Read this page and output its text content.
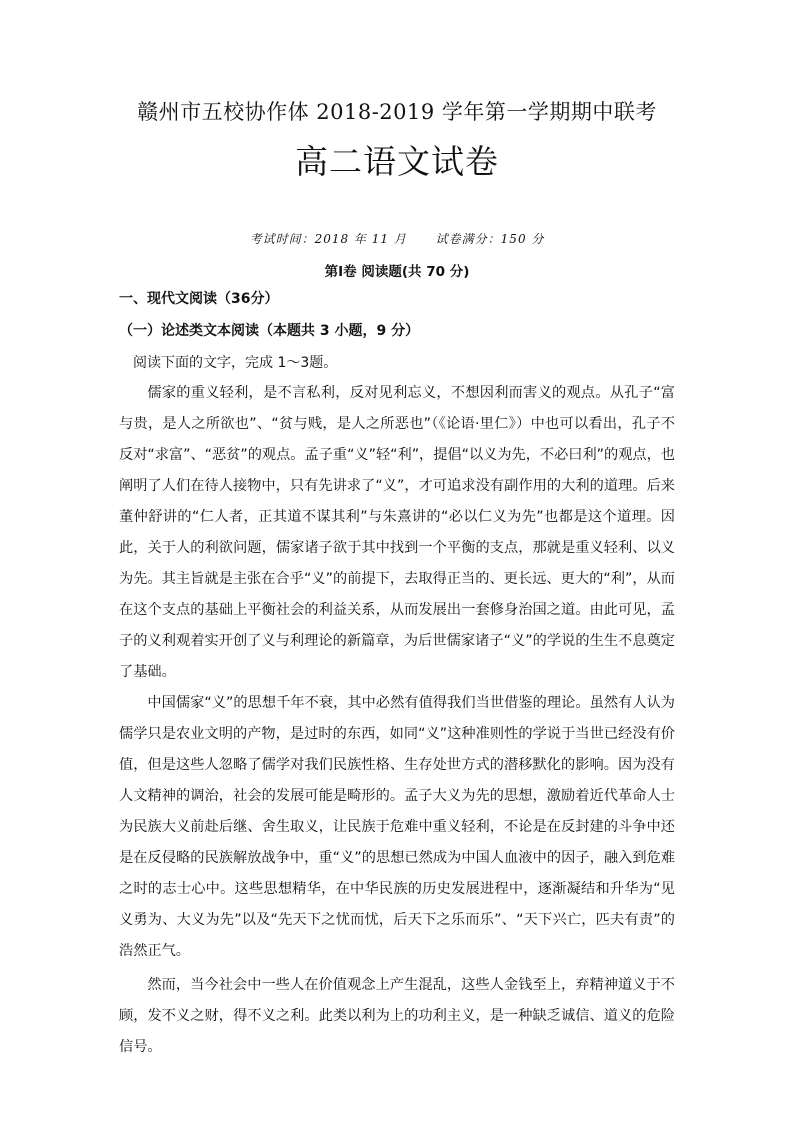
赣州市五校协作体 2018-2019 学年第一学期期中联考
高二语文试卷
考试时间：2018 年 11 月 试卷满分：150 分
第Ⅰ卷 阅读题(共 70 分)
一、现代文阅读（36分）
（一）论述类文本阅读（本题共 3 小题，9 分）
阅读下面的文字，完成 1～3题。

儒家的重义轻利，是不言私利，反对见利忘义，不想因利而害义的观点。从孔子“富与贵，是人之所欲也”、“贫与贱，是人之所恶也”（《论语·里仁》）中也可以看出，孔子不反对“求富”、“恶贫”的观点。孟子重“义”轻“利”，提倡“以义为先，不必曰利”的观点，也阐明了人们在待人接物中，只有先讲求了“义”，才可追求没有副作用的大利的道理。后来董仲舒讲的“仁人者，正其道不谋其利”与朱熹讲的“必以仁义为先”也都是这个道理。因此，关于人的利欲问题，儒家诸子欲于其中找到一个平衡的支点，那就是重义轻利、以义为先。其主旨就是主张在合乎“义”的前提下，去取得正当的、更长远、更大的“利”，从而在这个支点的基础上平衡社会的利益关系，从而发展出一套修身治国之道。由此可见，孟子的义利观着实开创了义与利理论的新篇章，为后世儒家诸子“义”的学说的生生不息奠定了基础。

中国儒家“义”的思想千年不衰，其中必然有值得我们当世借鉴的理论。虽然有人认为儒学只是农业文明的产物，是过时的东西，如同“义”这种准则性的学说于当世已经没有价值，但是这些人忽略了儒学对我们民族性格、生存处世方式的潜移默化的影响。因为没有人文精神的调治，社会的发展可能是畸形的。孟子大义为先的思想，激励着近代革命人士为民族大义前赴后继、舍生取义，让民族于危难中重义轻利，不论是在反封建的斗争中还是在反侵略的民族解放战争中，重“义”的思想已然成为中国人血液中的因子，融入到危难之时的志士心中。这些思想精华，在中华民族的历史发展进程中，逐渐凝结和升华为“见义勇为、大义为先”以及“先天下之忧而忧，后天下之乐而乐”、“天下兴亡，匹夫有责”的浩然正气。

然而，当今社会中一些人在价值观念上产生混乱，这些人金钱至上，弃精神道义于不顾，发不义之财，得不义之利。此类以利为上的功利主义，是一种缺乏诚信、道义的危险信号。
